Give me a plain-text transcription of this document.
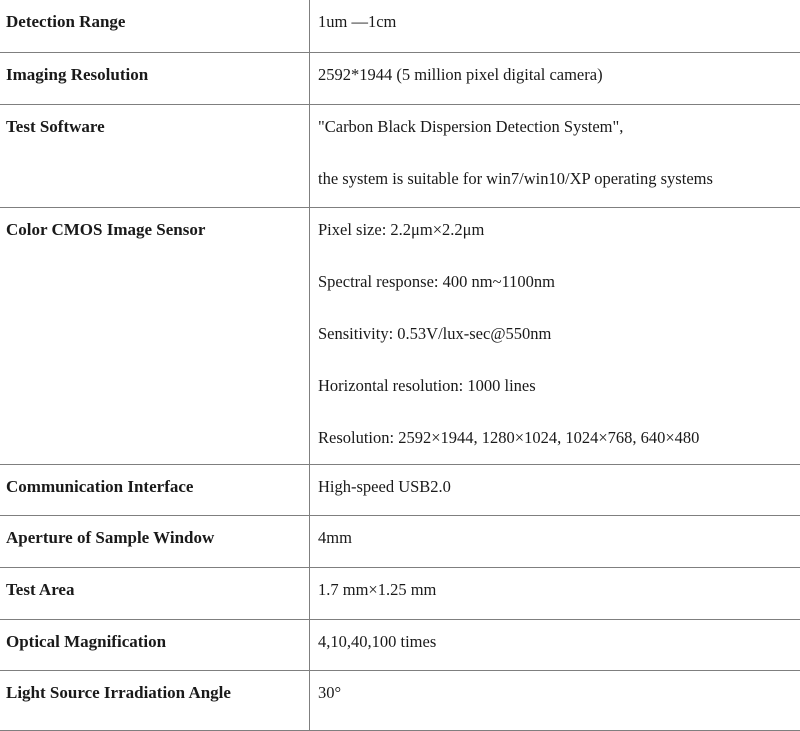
Detection Range	1um —1cm

Imaging Resolution	2592*1944 (5 million pixel digital camera)

Test Software	"Carbon Black Dispersion Detection System",
the system is suitable for win7/win10/XP operating systems

Color CMOS Image Sensor	Pixel size: 2.2μm×2.2μm
Spectral response: 400 nm~1100nm
Sensitivity: 0.53V/lux-sec@550nm
Horizontal resolution: 1000 lines
Resolution: 2592×1944, 1280×1024, 1024×768, 640×480

Communication Interface	High-speed USB2.0

Aperture of Sample Window	4mm

Test Area	1.7 mm×1.25 mm

Optical Magnification	4,10,40,100 times

Light Source Irradiation Angle	30°
